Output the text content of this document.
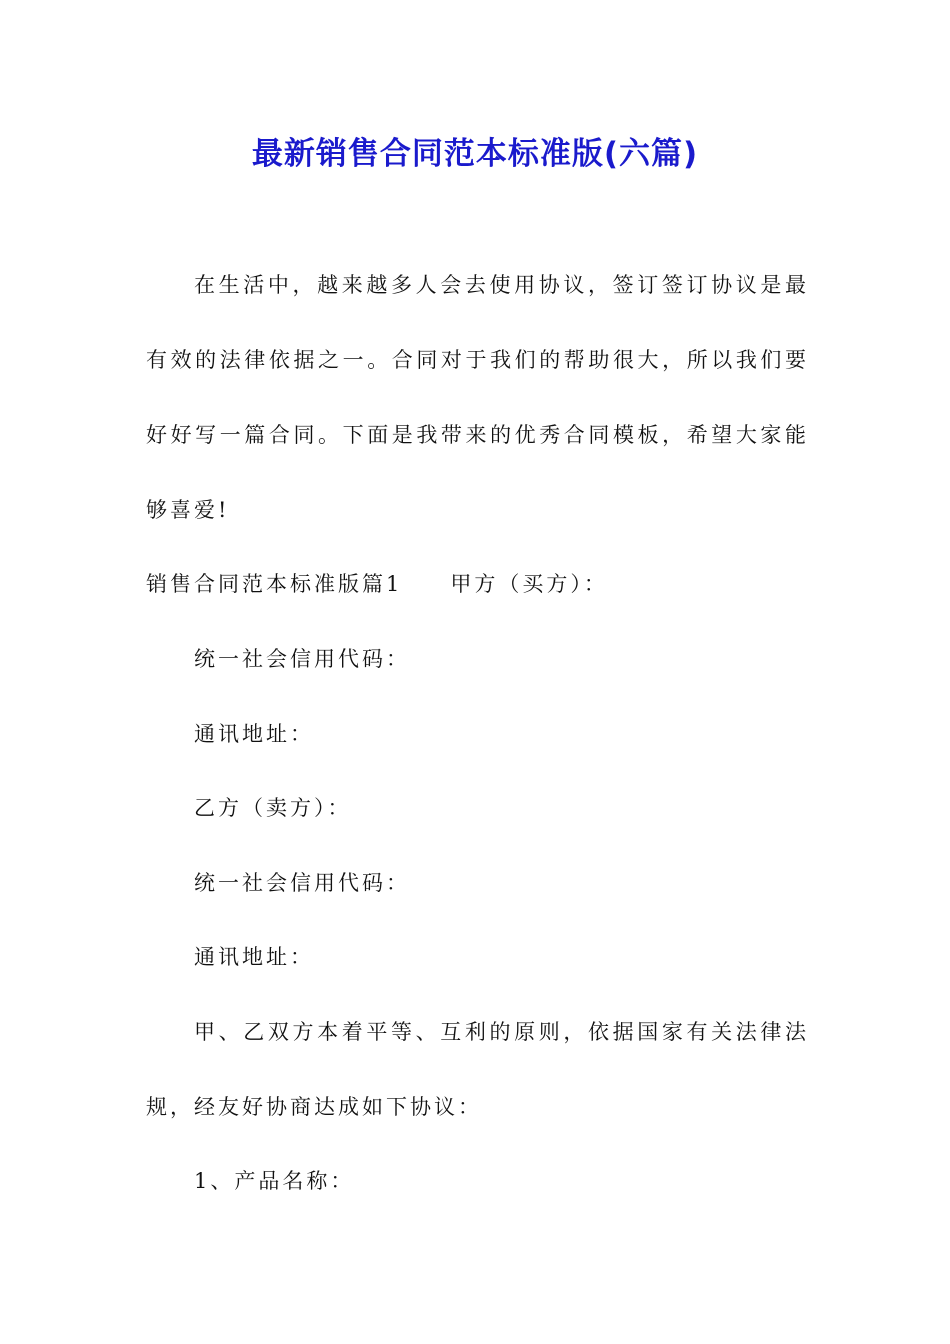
最新销售合同范本标准版(六篇)
在生活中，越来越多人会去使用协议，签订签订协议是最
有效的法律依据之一。合同对于我们的帮助很大，所以我们要
好好写一篇合同。下面是我带来的优秀合同模板，希望大家能
够喜爱!
销售合同范本标准版篇1 甲方（买方）：
统一社会信用代码：
通讯地址：
乙方（卖方）：
统一社会信用代码：
通讯地址：
甲、乙双方本着平等、互利的原则，依据国家有关法律法
规，经友好协商达成如下协议：
1、产品名称：
